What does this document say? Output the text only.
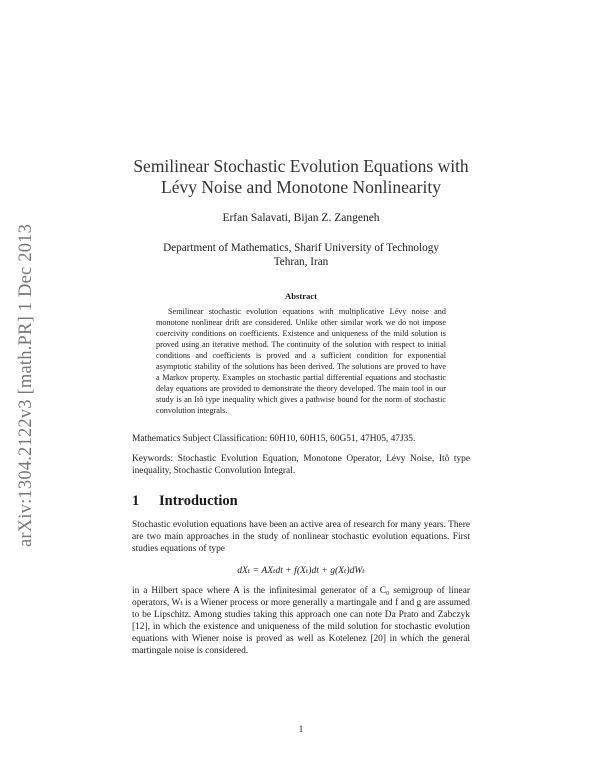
arXiv:1304.2122v3 [math.PR] 1 Dec 2013
Semilinear Stochastic Evolution Equations with
Lévy Noise and Monotone Nonlinearity
Erfan Salavati, Bijan Z. Zangeneh
Department of Mathematics, Sharif University of Technology
Tehran, Iran
Abstract
Semilinear stochastic evolution equations with multiplicative Lévy noise and monotone nonlinear drift are considered. Unlike other similar work we do not impose coercivity conditions on coefficients. Existence and uniqueness of the mild solution is proved using an iterative method. The continuity of the solution with respect to initial conditions and coefficients is proved and a sufficient condition for exponential asymptotic stability of the solutions has been derived. The solutions are proved to have a Markov property. Examples on stochastic partial differential equations and stochastic delay equations are provided to demonstrate the theory developed. The main tool in our study is an Itô type inequality which gives a pathwise bound for the norm of stochastic convolution integrals.
Mathematics Subject Classification: 60H10, 60H15, 60G51, 47H05, 47J35.
Keywords: Stochastic Evolution Equation, Monotone Operator, Lévy Noise, Itô type inequality, Stochastic Convolution Integral.
1 Introduction
Stochastic evolution equations have been an active area of research for many years. There are two main approaches in the study of nonlinear stochastic evolution equations. First studies equations of type
dXₜ = AXₜdt + f(Xₜ)dt + g(Xₜ)dWₜ
in a Hilbert space where A is the infinitesimal generator of a C₀ semigroup of linear operators, Wₜ is a Wiener process or more generally a martingale and f and g are assumed to be Lipschitz. Among studies taking this approach one can note Da Prato and Zabczyk [12], in which the existence and uniqueness of the mild solution for stochastic evolution equations with Wiener noise is proved as well as Kotelenez [20] in which the general martingale noise is considered.
1
